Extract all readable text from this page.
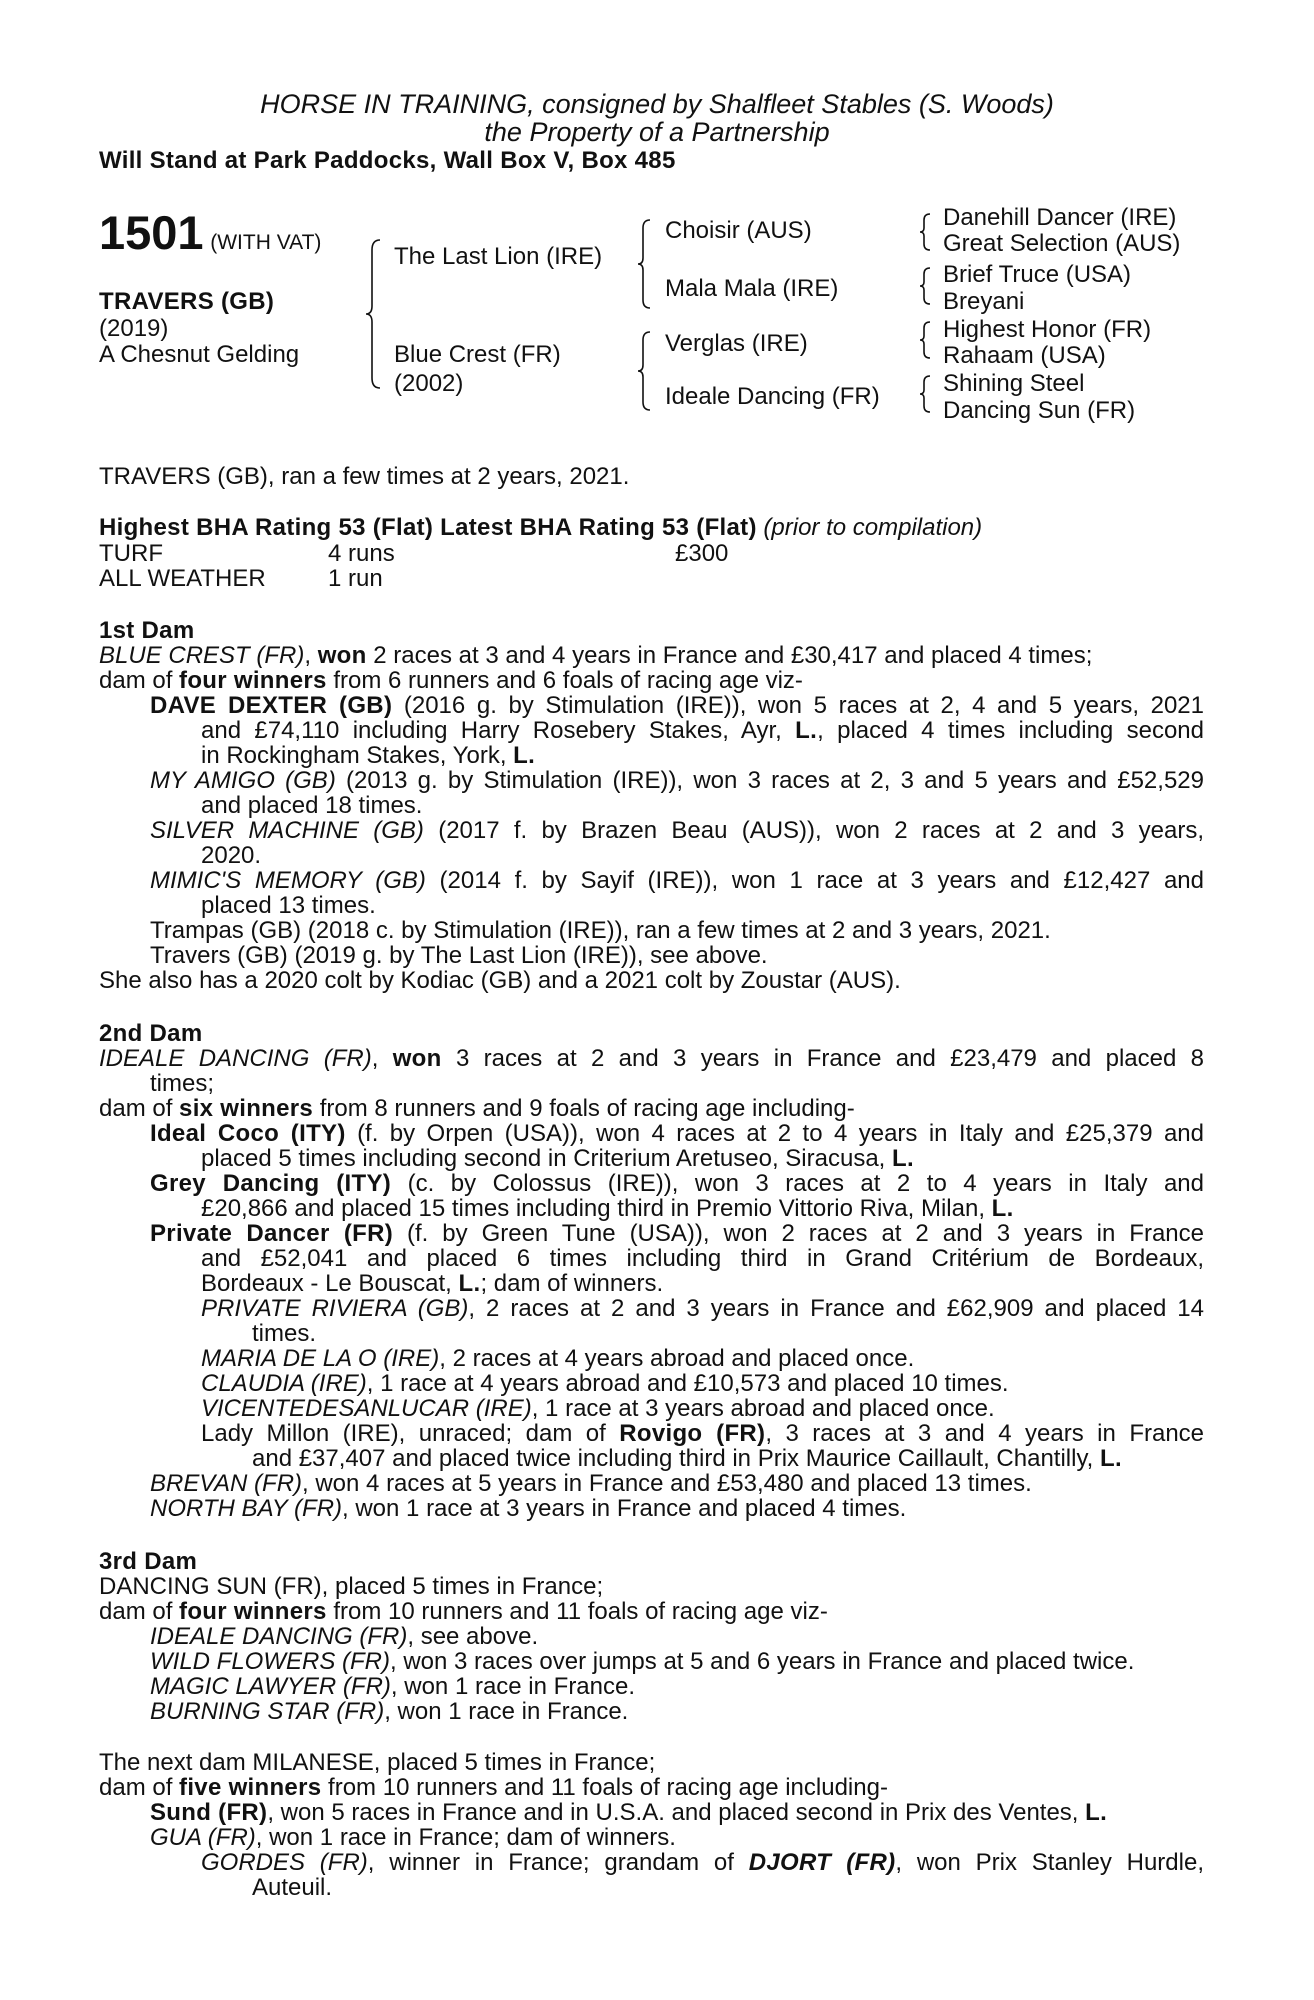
HORSE IN TRAINING, consigned by Shalfleet Stables (S. Woods)
the Property of a Partnership
Will Stand at Park Paddocks, Wall Box V, Box 485
1501 (WITH VAT)
TRAVERS (GB)
(2019)
A Chesnut Gelding
The Last Lion (IRE)
Blue Crest (FR)
(2002)
Choisir (AUS)
Mala Mala (IRE)
Verglas (IRE)
Ideale Dancing (FR)
Danehill Dancer (IRE)
Great Selection (AUS)
Brief Truce (USA)
Breyani
Highest Honor (FR)
Rahaam (USA)
Shining Steel
Dancing Sun (FR)
TRAVERS (GB), ran a few times at 2 years, 2021.
Highest BHA Rating 53 (Flat) Latest BHA Rating 53 (Flat) (prior to compilation)
TURF	4 runs	£300
ALL WEATHER	1 run
1st Dam
BLUE CREST (FR), won 2 races at 3 and 4 years in France and £30,417 and placed 4 times;
dam of four winners from 6 runners and 6 foals of racing age viz-
DAVE DEXTER (GB) (2016 g. by Stimulation (IRE)), won 5 races at 2, 4 and 5 years, 2021
and £74,110 including Harry Rosebery Stakes, Ayr, L., placed 4 times including second
in Rockingham Stakes, York, L.
MY AMIGO (GB) (2013 g. by Stimulation (IRE)), won 3 races at 2, 3 and 5 years and £52,529
and placed 18 times.
SILVER MACHINE (GB) (2017 f. by Brazen Beau (AUS)), won 2 races at 2 and 3 years,
2020.
MIMIC'S MEMORY (GB) (2014 f. by Sayif (IRE)), won 1 race at 3 years and £12,427 and
placed 13 times.
Trampas (GB) (2018 c. by Stimulation (IRE)), ran a few times at 2 and 3 years, 2021.
Travers (GB) (2019 g. by The Last Lion (IRE)), see above.
She also has a 2020 colt by Kodiac (GB) and a 2021 colt by Zoustar (AUS).
2nd Dam
IDEALE DANCING (FR), won 3 races at 2 and 3 years in France and £23,479 and placed 8
times;
dam of six winners from 8 runners and 9 foals of racing age including-
Ideal Coco (ITY) (f. by Orpen (USA)), won 4 races at 2 to 4 years in Italy and £25,379 and
placed 5 times including second in Criterium Aretuseo, Siracusa, L.
Grey Dancing (ITY) (c. by Colossus (IRE)), won 3 races at 2 to 4 years in Italy and
£20,866 and placed 15 times including third in Premio Vittorio Riva, Milan, L.
Private Dancer (FR) (f. by Green Tune (USA)), won 2 races at 2 and 3 years in France
and £52,041 and placed 6 times including third in Grand Critérium de Bordeaux,
Bordeaux - Le Bouscat, L.; dam of winners.
PRIVATE RIVIERA (GB), 2 races at 2 and 3 years in France and £62,909 and placed 14
times.
MARIA DE LA O (IRE), 2 races at 4 years abroad and placed once.
CLAUDIA (IRE), 1 race at 4 years abroad and £10,573 and placed 10 times.
VICENTEDESANLUCAR (IRE), 1 race at 3 years abroad and placed once.
Lady Millon (IRE), unraced; dam of Rovigo (FR), 3 races at 3 and 4 years in France
and £37,407 and placed twice including third in Prix Maurice Caillault, Chantilly, L.
BREVAN (FR), won 4 races at 5 years in France and £53,480 and placed 13 times.
NORTH BAY (FR), won 1 race at 3 years in France and placed 4 times.
3rd Dam
DANCING SUN (FR), placed 5 times in France;
dam of four winners from 10 runners and 11 foals of racing age viz-
IDEALE DANCING (FR), see above.
WILD FLOWERS (FR), won 3 races over jumps at 5 and 6 years in France and placed twice.
MAGIC LAWYER (FR), won 1 race in France.
BURNING STAR (FR), won 1 race in France.
The next dam MILANESE, placed 5 times in France;
dam of five winners from 10 runners and 11 foals of racing age including-
Sund (FR), won 5 races in France and in U.S.A. and placed second in Prix des Ventes, L.
GUA (FR), won 1 race in France; dam of winners.
GORDES (FR), winner in France; grandam of DJORT (FR), won Prix Stanley Hurdle,
Auteuil.
